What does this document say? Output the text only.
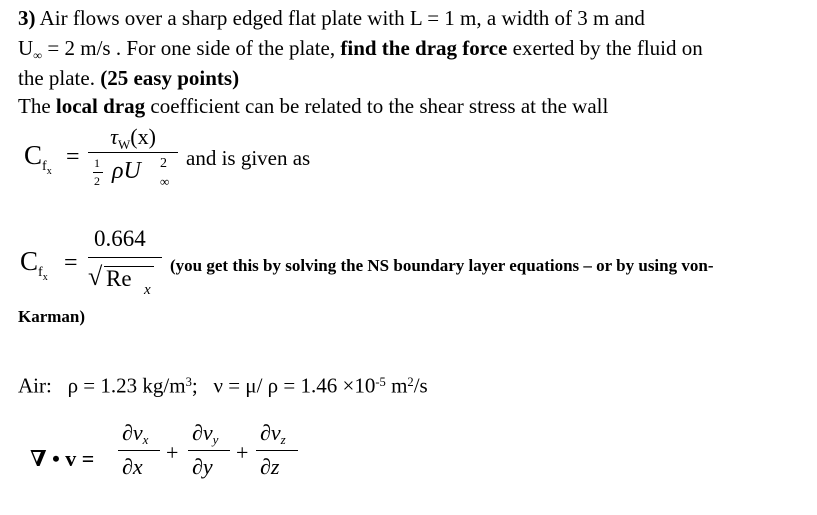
3) Air flows over a sharp edged flat plate with L = 1 m, a width of 3 m and
$U_\infty = 2$ m/s . For one side of the plate, find the drag force exerted by the fluid on
the plate. (25 easy points)
The local drag coefficient can be related to the shear stress at the wall
$C_{fx}$
=
$\tau_W(x)$
1
2 ρU 2
∞
and is given as
$C_{fx}$
=
0.664
√ Re x
(you get this by solving the NS boundary layer equations – or by using von-
Karman)
Air: ρ = 1.23 $kg/m^3$; ν = μ/ $\rho = 1.46 \times 10^{-5}$ $m^2/s$
∇ • v =
∂vx
∂x
+
∂vy
∂y
+
∂vz
∂z
